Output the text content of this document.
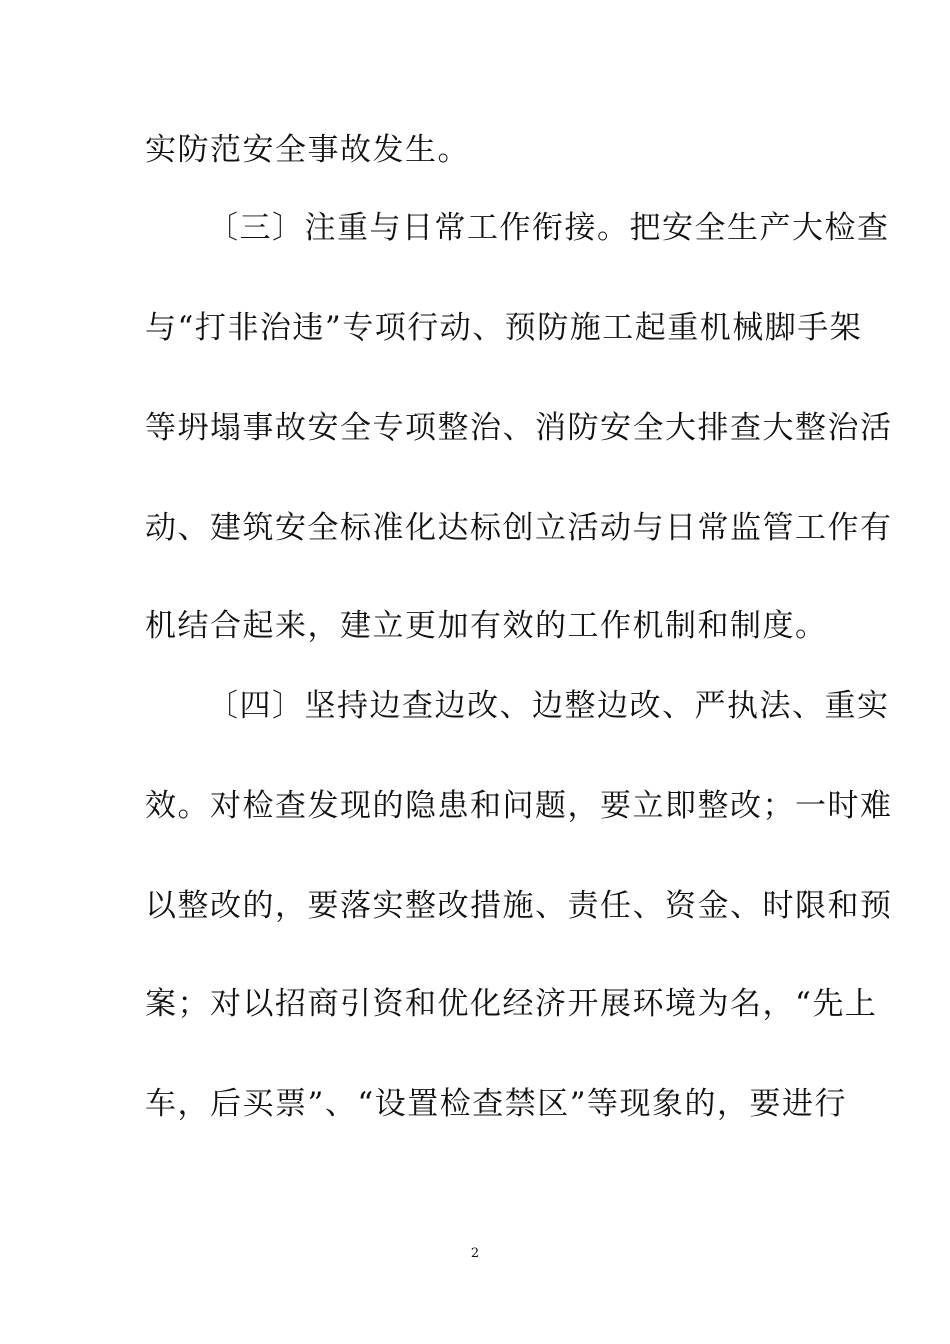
实防范安全事故发生。
〔三〕注重与日常工作衔接。把安全生产大检查
与“打非治违”专项行动、预防施工起重机械脚手架
等坍塌事故安全专项整治、消防安全大排查大整治活
动、建筑安全标准化达标创立活动与日常监管工作有
机结合起来，建立更加有效的工作机制和制度。
〔四〕坚持边查边改、边整边改、严执法、重实
效。对检查发现的隐患和问题，要立即整改；一时难
以整改的，要落实整改措施、责任、资金、时限和预
案；对以招商引资和优化经济开展环境为名，“先上
车，后买票”、“设置检查禁区”等现象的，要进行
2
